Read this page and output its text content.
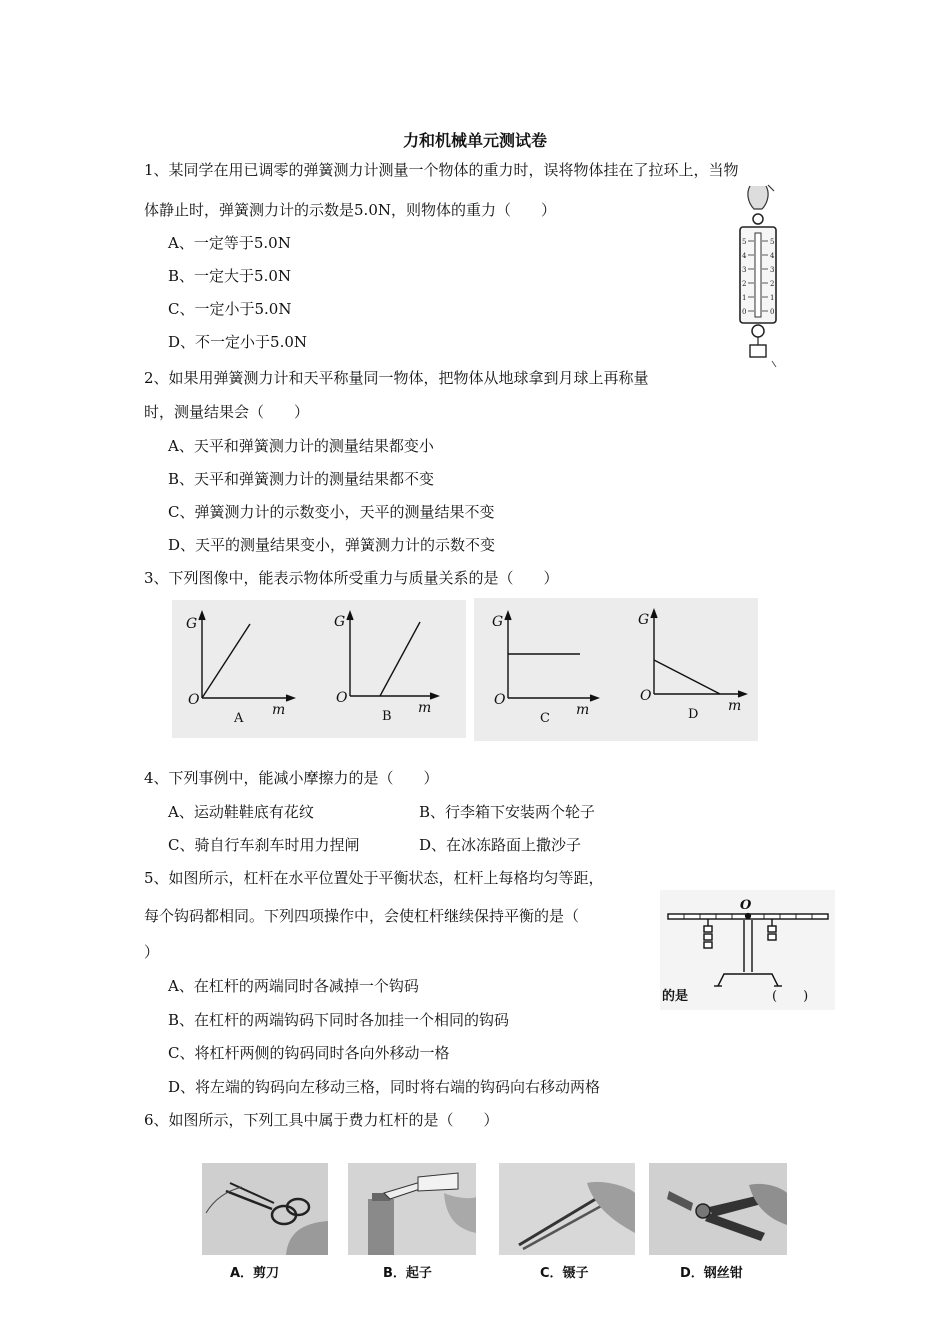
力和机械单元测试卷
1、某同学在用已调零的弹簧测力计测量一个物体的重力时，误将物体挂在了拉环上，当物
体静止时，弹簧测力计的示数是5.0N，则物体的重力（　　）
A、一定等于5.0N
B、一定大于5.0N
C、一定小于5.0N
D、不一定小于5.0N
5	5
4	4
3	3
2	2
1	1
0	0
2、如果用弹簧测力计和天平称量同一物体，把物体从地球拿到月球上再称量
时，测量结果会（　　）
A、天平和弹簧测力计的测量结果都变小
B、天平和弹簧测力计的测量结果都不变
C、弹簧测力计的示数变小，天平的测量结果不变
D、天平的测量结果变小，弹簧测力计的示数不变
3、下列图像中，能表示物体所受重力与质量关系的是（　　）
G
O
m
G
O
m
G
O
m
G
O
m
A	B	C	D
4、下列事例中，能减小摩擦力的是（　　）
A、运动鞋鞋底有花纹	B、行李箱下安装两个轮子
C、骑自行车刹车时用力捏闸	D、在冰冻路面上撒沙子
5、如图所示，杠杆在水平位置处于平衡状态，杠杆上每格均匀等距，
每个钩码都相同。下列四项操作中，会使杠杆继续保持平衡的是（
）
A、在杠杆的两端同时各减掉一个钩码
B、在杠杆的两端钩码下同时各加挂一个相同的钩码
C、将杠杆两侧的钩码同时各向外移动一格
D、将左端的钩码向左移动三格，同时将右端的钩码向右移动两格
O
的是	(　　)
6、如图所示，下列工具中属于费力杠杆的是（　　）
A．剪刀	B．起子	C．镊子	D．钢丝钳
